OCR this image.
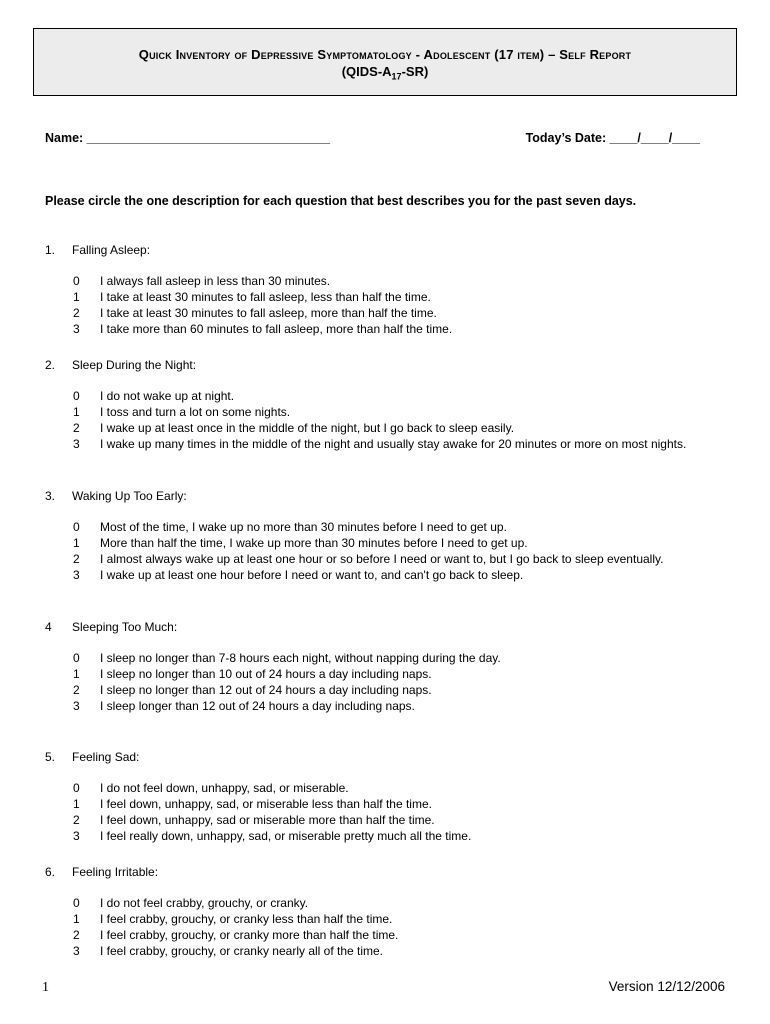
Quick Inventory of Depressive Symptomatology - Adolescent (17 item) – Self Report
$(QIDS-A_{17}-SR)$
Name: ___________________________________	Today’s Date: ____/____/____
Please circle the one description for each question that best describes you for the past seven days.
1. Falling Asleep:
0 I always fall asleep in less than 30 minutes.
1 I take at least 30 minutes to fall asleep, less than half the time.
2 I take at least 30 minutes to fall asleep, more than half the time.
3 I take more than 60 minutes to fall asleep, more than half the time.
2. Sleep During the Night:
0 I do not wake up at night.
1 I toss and turn a lot on some nights.
2 I wake up at least once in the middle of the night, but I go back to sleep easily.
3 I wake up many times in the middle of the night and usually stay awake for 20 minutes or more on most nights.
3. Waking Up Too Early:
0 Most of the time, I wake up no more than 30 minutes before I need to get up.
1 More than half the time, I wake up more than 30 minutes before I need to get up.
2 I almost always wake up at least one hour or so before I need or want to, but I go back to sleep eventually.
3 I wake up at least one hour before I need or want to, and can't go back to sleep.
4 Sleeping Too Much:
0 I sleep no longer than 7-8 hours each night, without napping during the day.
1 I sleep no longer than 10 out of 24 hours a day including naps.
2 I sleep no longer than 12 out of 24 hours a day including naps.
3 I sleep longer than 12 out of 24 hours a day including naps.
5. Feeling Sad:
0 I do not feel down, unhappy, sad, or miserable.
1 I feel down, unhappy, sad, or miserable less than half the time.
2 I feel down, unhappy, sad or miserable more than half the time.
3 I feel really down, unhappy, sad, or miserable pretty much all the time.
6. Feeling Irritable:
0 I do not feel crabby, grouchy, or cranky.
1 I feel crabby, grouchy, or cranky less than half the time.
2 I feel crabby, grouchy, or cranky more than half the time.
3 I feel crabby, grouchy, or cranky nearly all of the time.
1	Version 12/12/2006
